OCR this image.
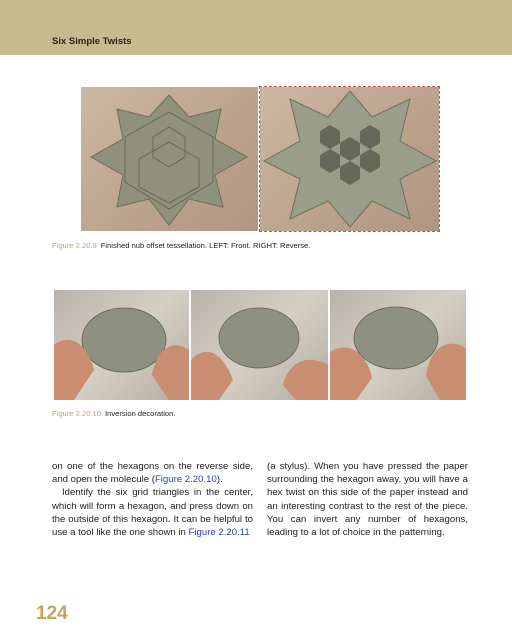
Six Simple Twists
Figure 2.20.9 Finished nub offset tessellation. LEFT: Front. RIGHT: Reverse.
Figure 2.20.10 Inversion decoration.

on one of the hexagons on the reverse side, and open the molecule (Figure 2.20.10).

Identify the six grid triangles in the center, which will form a hexagon, and press down on the outside of this hexagon. It can be helpful to use a tool like the one shown in Figure 2.20.11

(a stylus). When you have pressed the paper surrounding the hexagon away, you will have a hex twist on this side of the paper instead and an interesting contrast to the rest of the piece. You can invert any number of hexagons, leading to a lot of choice in the patterning.

124
